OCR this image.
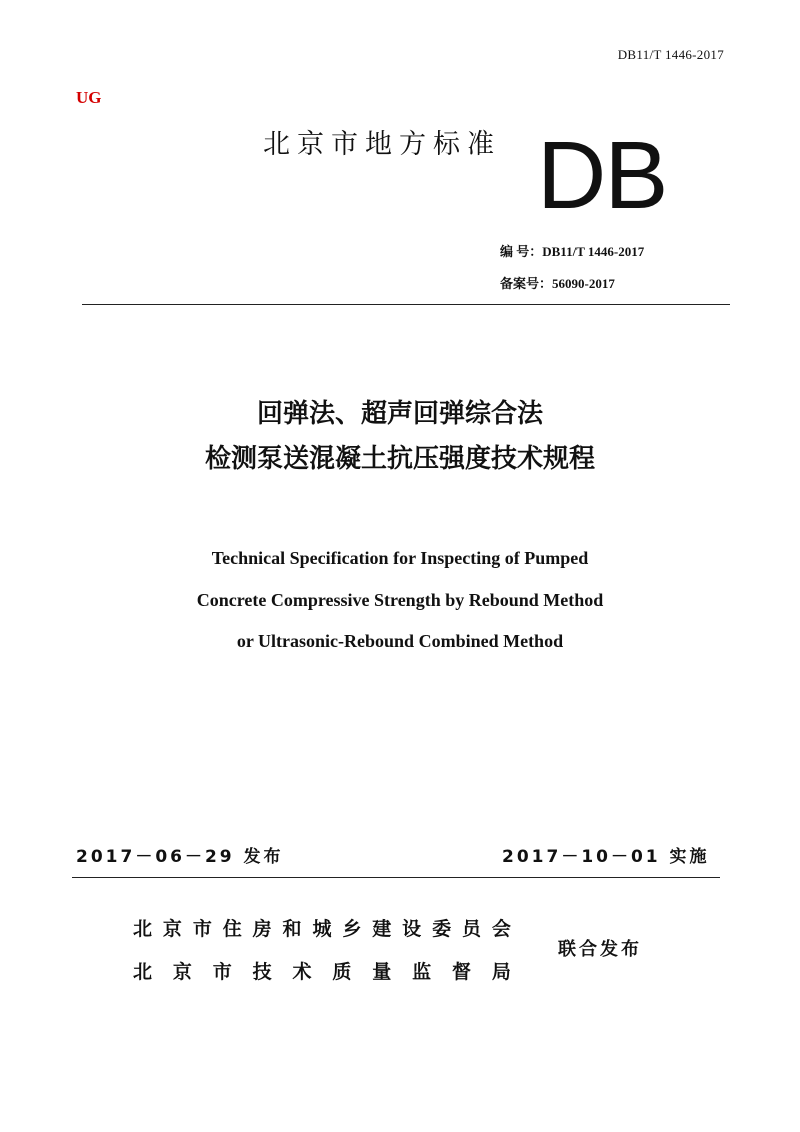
DB11/T 1446-2017
UG
北京市地方标准 DB
编 号：DB11/T 1446-2017
备案号：56090-2017
回弹法、超声回弹综合法
检测泵送混凝土抗压强度技术规程
Technical Specification for Inspecting of Pumped
Concrete Compressive Strength by Rebound Method
or Ultrasonic-Rebound Combined Method
2017－06－29 发布	2017－10－01 实施
北 京 市 住 房 和 城 乡 建 设 委 员 会
北 京 市 技 术 质 量 监 督 局
联合发布
